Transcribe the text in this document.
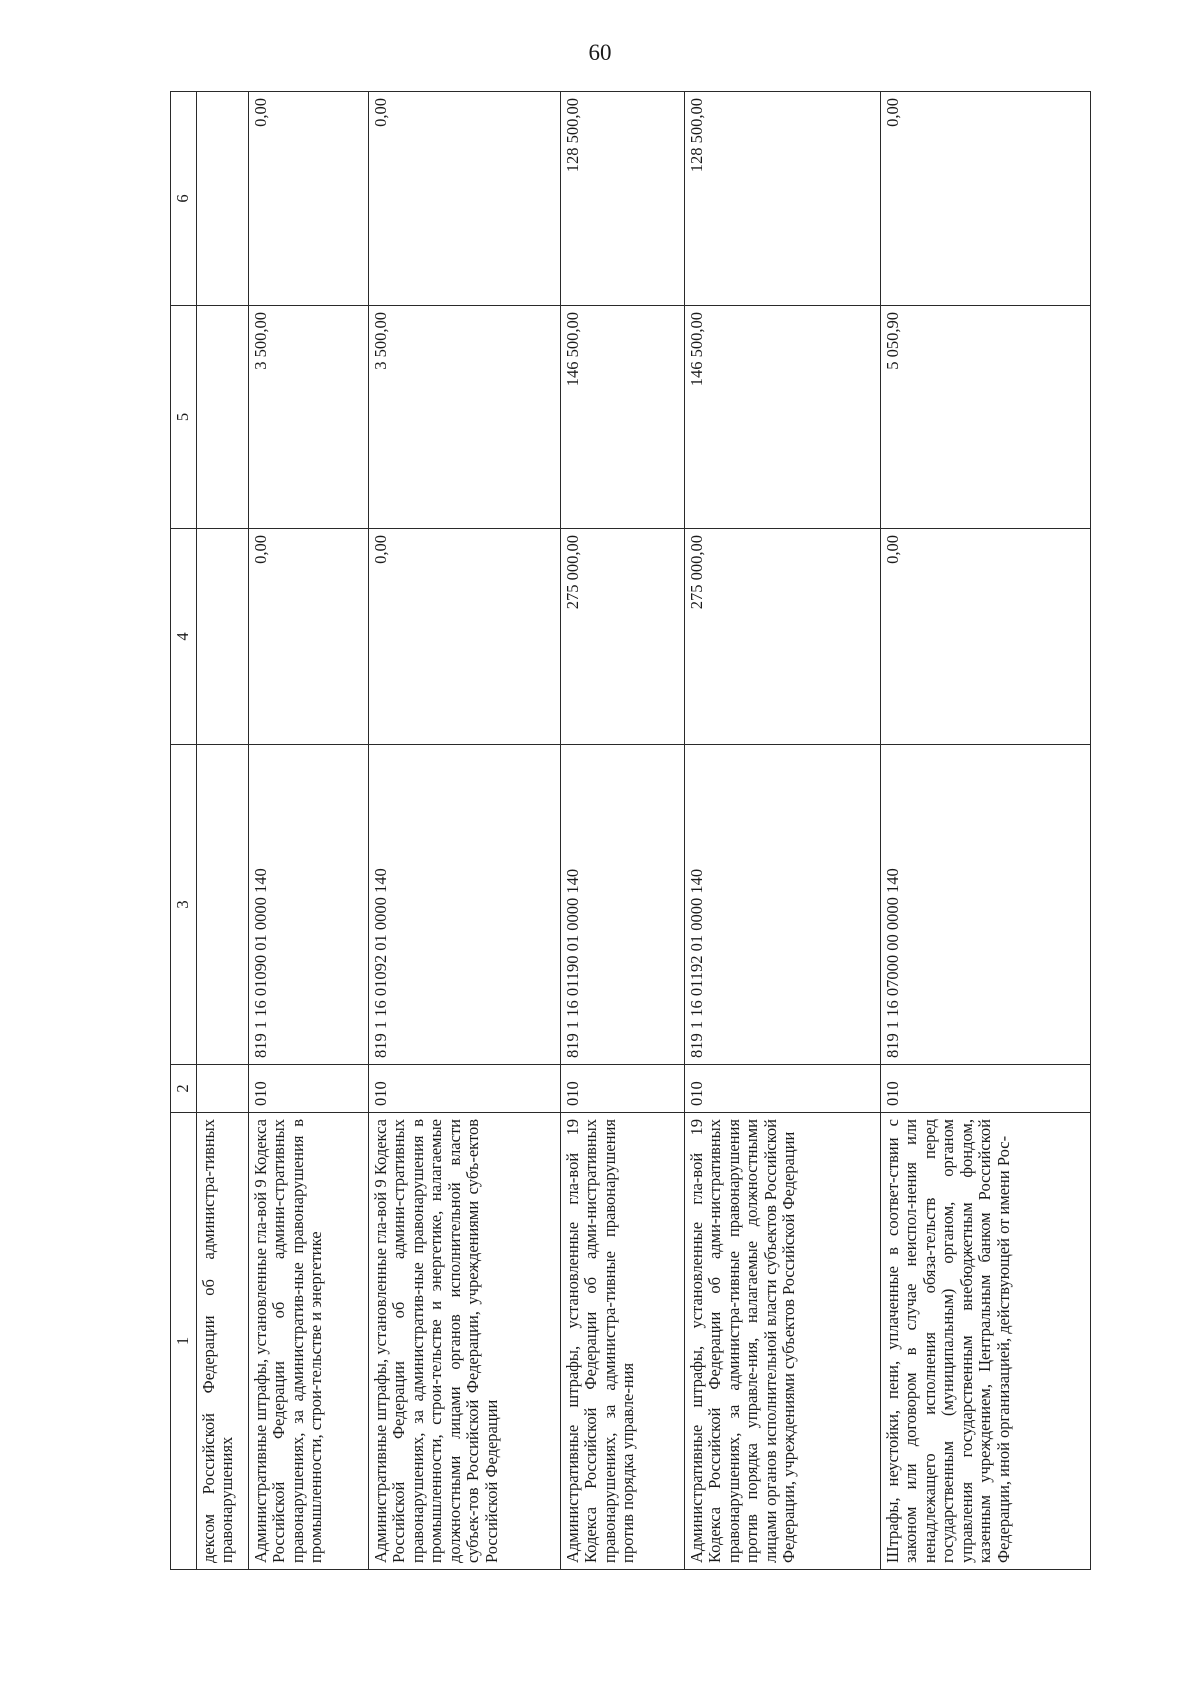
60
1	2	3	4	5	6
дексом Российской Федерации об администра-тивных правонарушениях					
Административные штрафы, установленные гла-вой 9 Кодекса Российской Федерации об админи-стративных правонарушениях, за административ-ные правонарушения в промышленности, строи-тельстве и энергетике	010	819 1 16 01090 01 0000 140	0,00	3 500,00	0,00
Административные штрафы, установленные гла-вой 9 Кодекса Российской Федерации об админи-стративных правонарушениях, за административ-ные правонарушения в промышленности, строи-тельстве и энергетике, налагаемые должностными лицами органов исполнительной власти субъек-тов Российской Федерации, учреждениями субъ-ектов Российской Федерации	010	819 1 16 01092 01 0000 140	0,00	3 500,00	0,00
Административные штрафы, установленные гла-вой 19 Кодекса Российской Федерации об адми-нистративных правонарушениях, за администра-тивные правонарушения против порядка управле-ния	010	819 1 16 01190 01 0000 140	275 000,00	146 500,00	128 500,00
Административные штрафы, установленные гла-вой 19 Кодекса Российской Федерации об адми-нистративных правонарушениях, за администра-тивные правонарушения против порядка управле-ния, налагаемые должностными лицами органов исполнительной власти субъектов Российской Федерации, учреждениями субъектов Российской Федерации	010	819 1 16 01192 01 0000 140	275 000,00	146 500,00	128 500,00
Штрафы, неустойки, пени, уплаченные в соответ-ствии с законом или договором в случае неиспол-нения или ненадлежащего исполнения обяза-тельств перед государственным (муниципальным) органом, органом управления государственным внебюджетным фондом, казенным учреждением, Центральным банком Российской Федерации, иной организацией, действующей от имени Рос-	010	819 1 16 07000 00 0000 140	0,00	5 050,90	0,00
